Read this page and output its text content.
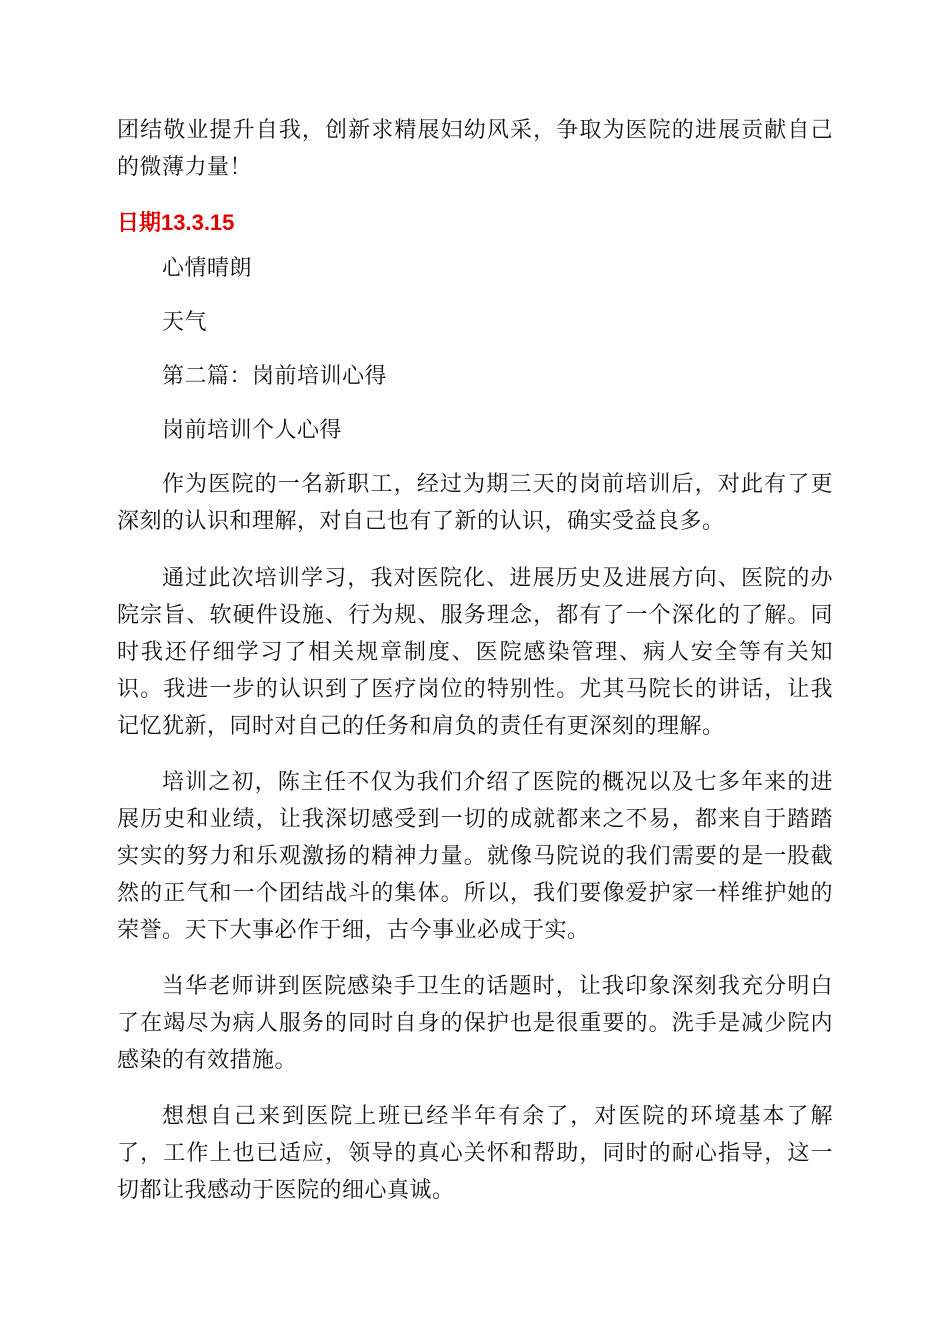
团结敬业提升自我，创新求精展妇幼风采，争取为医院的进展贡献自己的微薄力量！

日期13.3.15

心情晴朗

天气

第二篇：岗前培训心得

岗前培训个人心得

作为医院的一名新职工，经过为期三天的岗前培训后，对此有了更深刻的认识和理解，对自己也有了新的认识，确实受益良多。

通过此次培训学习，我对医院化、进展历史及进展方向、医院的办院宗旨、软硬件设施、行为规、服务理念，都有了一个深化的了解。同时我还仔细学习了相关规章制度、医院感染管理、病人安全等有关知识。我进一步的认识到了医疗岗位的特别性。尤其马院长的讲话，让我记忆犹新，同时对自己的任务和肩负的责任有更深刻的理解。

培训之初，陈主任不仅为我们介绍了医院的概况以及七多年来的进展历史和业绩，让我深切感受到一切的成就都来之不易，都来自于踏踏实实的努力和乐观激扬的精神力量。就像马院说的我们需要的是一股截然的正气和一个团结战斗的集体。所以，我们要像爱护家一样维护她的荣誉。天下大事必作于细，古今事业必成于实。

当华老师讲到医院感染手卫生的话题时，让我印象深刻我充分明白了在竭尽为病人服务的同时自身的保护也是很重要的。洗手是减少院内感染的有效措施。

想想自己来到医院上班已经半年有余了，对医院的环境基本了解了，工作上也已适应，领导的真心关怀和帮助，同时的耐心指导，这一切都让我感动于医院的细心真诚。
